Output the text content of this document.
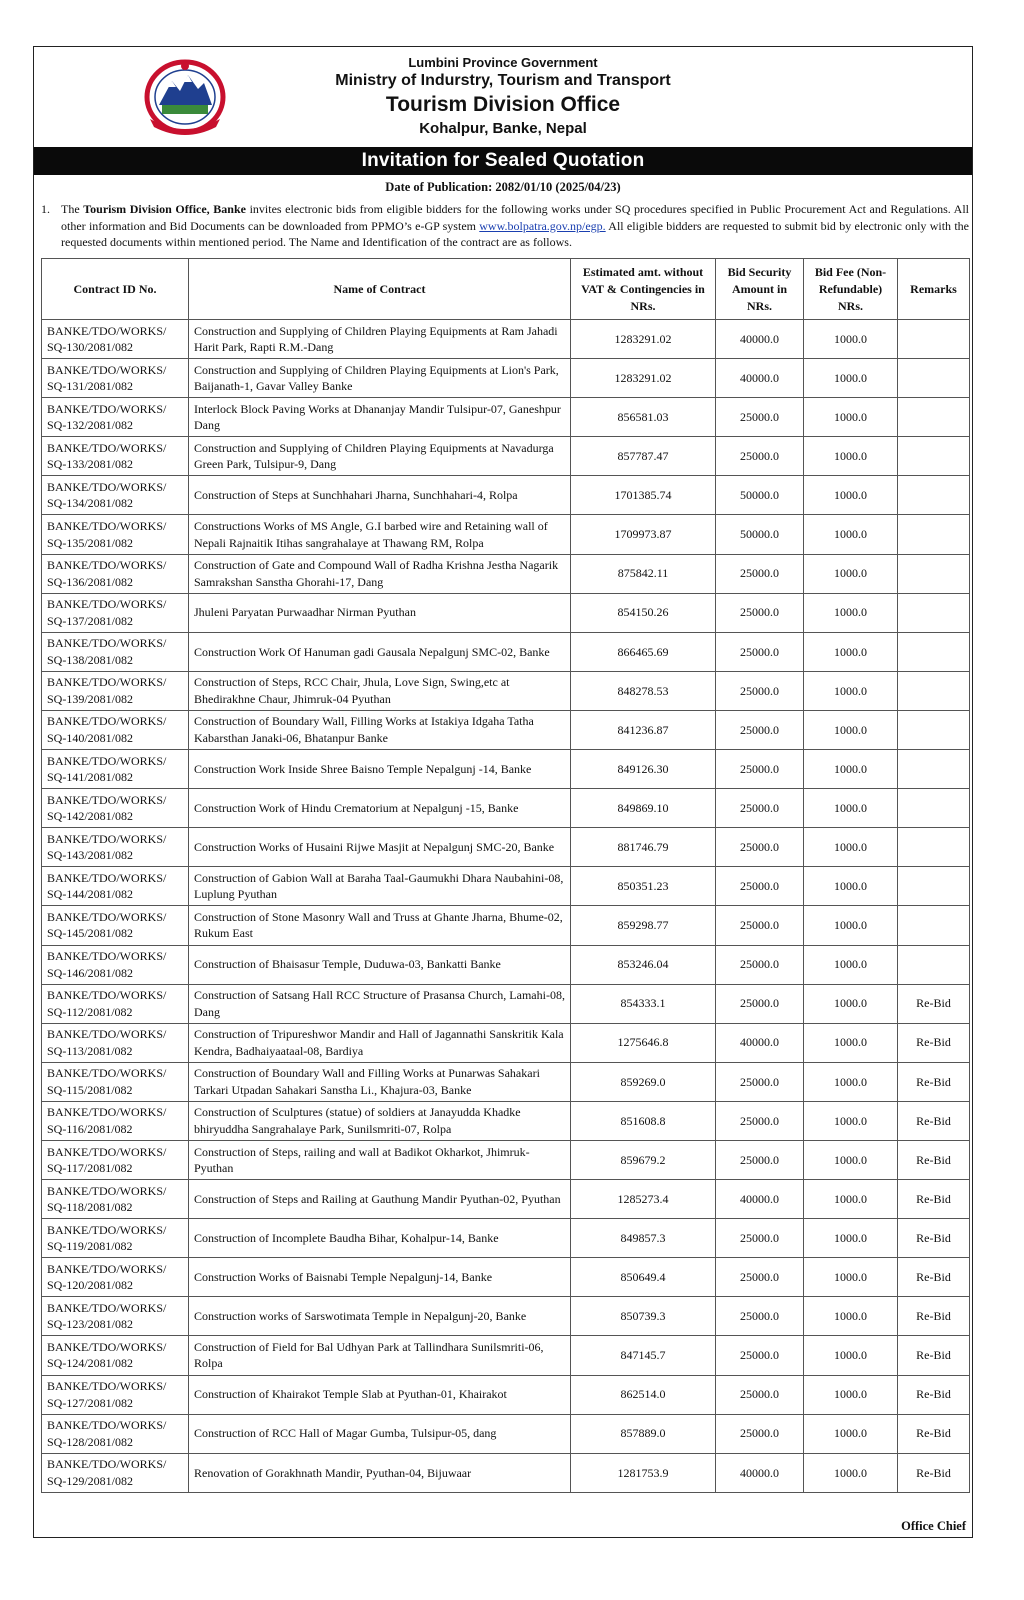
Lumbini Province Government
Ministry of Indurstry, Tourism and Transport
Tourism Division Office
Kohalpur, Banke, Nepal
Invitation for Sealed Quotation
Date of Publication: 2082/01/10 (2025/04/23)
1. The Tourism Division Office, Banke invites electronic bids from eligible bidders for the following works under SQ procedures specified in Public Procurement Act and Regulations. All other information and Bid Documents can be downloaded from PPMO’s e-GP system www.bolpatra.gov.np/egp. All eligible bidders are requested to submit bid by electronic only with the requested documents within mentioned period. The Name and Identification of the contract are as follows.
Contract ID No.	Name of Contract	Estimated amt. without VAT & Contingencies in NRs.	Bid Security Amount in NRs.	Bid Fee (Non-Refundable) NRs.	Remarks
BANKE/TDO/WORKS/ SQ-130/2081/082	Construction and Supplying of Children Playing Equipments at Ram Jahadi Harit Park, Rapti R.M.-Dang	1283291.02	40000.0	1000.0	
BANKE/TDO/WORKS/ SQ-131/2081/082	Construction and Supplying of Children Playing Equipments at Lion's Park, Baijanath-1, Gavar Valley Banke	1283291.02	40000.0	1000.0	
BANKE/TDO/WORKS/ SQ-132/2081/082	Interlock Block Paving Works at Dhananjay Mandir Tulsipur-07, Ganeshpur Dang	856581.03	25000.0	1000.0	
BANKE/TDO/WORKS/ SQ-133/2081/082	Construction and Supplying of Children Playing Equipments at Navadurga Green Park, Tulsipur-9, Dang	857787.47	25000.0	1000.0	
BANKE/TDO/WORKS/ SQ-134/2081/082	Construction of Steps at Sunchhahari Jharna, Sunchhahari-4, Rolpa	1701385.74	50000.0	1000.0	
BANKE/TDO/WORKS/ SQ-135/2081/082	Constructions Works of MS Angle, G.I barbed wire and Retaining wall of Nepali Rajnaitik Itihas sangrahalaye at Thawang RM, Rolpa	1709973.87	50000.0	1000.0	
BANKE/TDO/WORKS/ SQ-136/2081/082	Construction of Gate and Compound Wall of Radha Krishna Jestha Nagarik Samrakshan Sanstha Ghorahi-17, Dang	875842.11	25000.0	1000.0	
BANKE/TDO/WORKS/ SQ-137/2081/082	Jhuleni Paryatan Purwaadhar Nirman Pyuthan	854150.26	25000.0	1000.0	
BANKE/TDO/WORKS/ SQ-138/2081/082	Construction Work Of Hanuman gadi Gausala Nepalgunj SMC-02, Banke	866465.69	25000.0	1000.0	
BANKE/TDO/WORKS/ SQ-139/2081/082	Construction of Steps, RCC Chair, Jhula, Love Sign, Swing,etc at Bhedirakhne Chaur, Jhimruk-04 Pyuthan	848278.53	25000.0	1000.0	
BANKE/TDO/WORKS/ SQ-140/2081/082	Construction of Boundary Wall, Filling Works at Istakiya Idgaha Tatha Kabarsthan Janaki-06, Bhatanpur Banke	841236.87	25000.0	1000.0	
BANKE/TDO/WORKS/ SQ-141/2081/082	Construction Work Inside Shree Baisno Temple Nepalgunj -14, Banke	849126.30	25000.0	1000.0	
BANKE/TDO/WORKS/ SQ-142/2081/082	Construction Work of Hindu Crematorium at Nepalgunj -15, Banke	849869.10	25000.0	1000.0	
BANKE/TDO/WORKS/ SQ-143/2081/082	Construction Works of Husaini Rijwe Masjit at Nepalgunj SMC-20, Banke	881746.79	25000.0	1000.0	
BANKE/TDO/WORKS/ SQ-144/2081/082	Construction of Gabion Wall at Baraha Taal-Gaumukhi Dhara Naubahini-08, Luplung Pyuthan	850351.23	25000.0	1000.0	
BANKE/TDO/WORKS/ SQ-145/2081/082	Construction of Stone Masonry Wall and Truss at Ghante Jharna, Bhume-02, Rukum East	859298.77	25000.0	1000.0	
BANKE/TDO/WORKS/ SQ-146/2081/082	Construction of Bhaisasur Temple, Duduwa-03, Bankatti Banke	853246.04	25000.0	1000.0	
BANKE/TDO/WORKS/ SQ-112/2081/082	Construction of Satsang Hall RCC Structure of Prasansa Church, Lamahi-08, Dang	854333.1	25000.0	1000.0	Re-Bid
BANKE/TDO/WORKS/ SQ-113/2081/082	Construction of Tripureshwor Mandir and Hall of Jagannathi Sanskritik Kala Kendra, Badhaiyaataal-08, Bardiya	1275646.8	40000.0	1000.0	Re-Bid
BANKE/TDO/WORKS/ SQ-115/2081/082	Construction of Boundary Wall and Filling Works at Punarwas Sahakari Tarkari Utpadan Sahakari Sanstha Li., Khajura-03, Banke	859269.0	25000.0	1000.0	Re-Bid
BANKE/TDO/WORKS/ SQ-116/2081/082	Construction of Sculptures (statue) of soldiers at Janayudda Khadke bhiryuddha Sangrahalaye Park, Sunilsmriti-07, Rolpa	851608.8	25000.0	1000.0	Re-Bid
BANKE/TDO/WORKS/ SQ-117/2081/082	Construction of Steps, railing and wall at Badikot Okharkot, Jhimruk-Pyuthan	859679.2	25000.0	1000.0	Re-Bid
BANKE/TDO/WORKS/ SQ-118/2081/082	Construction of Steps and Railing at Gauthung Mandir Pyuthan-02, Pyuthan	1285273.4	40000.0	1000.0	Re-Bid
BANKE/TDO/WORKS/ SQ-119/2081/082	Construction of Incomplete Baudha Bihar, Kohalpur-14, Banke	849857.3	25000.0	1000.0	Re-Bid
BANKE/TDO/WORKS/ SQ-120/2081/082	Construction Works of Baisnabi Temple Nepalgunj-14, Banke	850649.4	25000.0	1000.0	Re-Bid
BANKE/TDO/WORKS/ SQ-123/2081/082	Construction works of Sarswotimata Temple in Nepalgunj-20, Banke	850739.3	25000.0	1000.0	Re-Bid
BANKE/TDO/WORKS/ SQ-124/2081/082	Construction of Field for Bal Udhyan Park at Tallindhara Sunilsmriti-06, Rolpa	847145.7	25000.0	1000.0	Re-Bid
BANKE/TDO/WORKS/ SQ-127/2081/082	Construction of Khairakot Temple Slab at Pyuthan-01, Khairakot	862514.0	25000.0	1000.0	Re-Bid
BANKE/TDO/WORKS/ SQ-128/2081/082	Construction of RCC Hall of Magar Gumba, Tulsipur-05, dang	857889.0	25000.0	1000.0	Re-Bid
BANKE/TDO/WORKS/ SQ-129/2081/082	Renovation of Gorakhnath Mandir, Pyuthan-04, Bijuwaar	1281753.9	40000.0	1000.0	Re-Bid
Office Chief
